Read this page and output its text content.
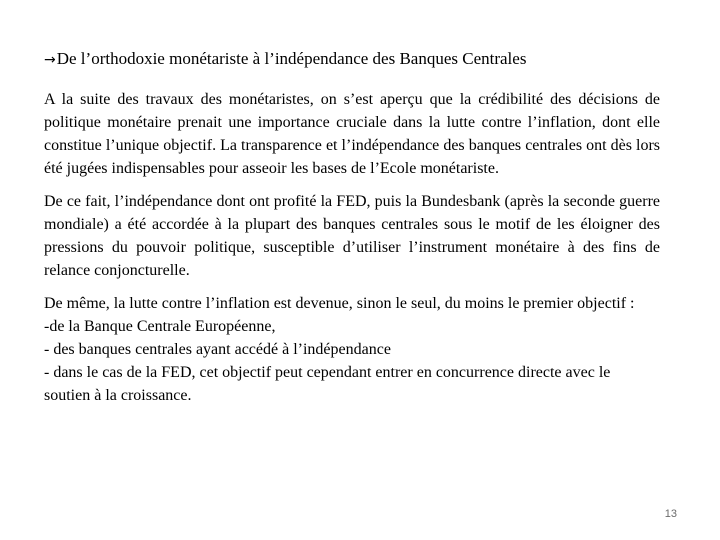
→De l’orthodoxie monétariste à l’indépendance des Banques Centrales

A la suite des travaux des monétaristes, on s’est aperçu que la crédibilité des décisions de politique monétaire prenait une importance cruciale dans la lutte contre l’inflation, dont elle constitue l’unique objectif. La transparence et l’indépendance des banques centrales ont dès lors été jugées indispensables pour asseoir les bases de l’Ecole monétariste.

De ce fait, l’indépendance dont ont profité la FED, puis la Bundesbank (après la seconde guerre mondiale) a été accordée à la plupart des banques centrales sous le motif de les éloigner des pressions du pouvoir politique, susceptible d’utiliser l’instrument monétaire à des fins de relance conjoncturelle.

De même, la lutte contre l’inflation est devenue, sinon le seul, du moins le premier objectif :
-de la Banque Centrale Européenne,
- des banques centrales ayant accédé à l’indépendance
- dans le cas de la FED, cet objectif peut cependant entrer en concurrence directe avec le soutien à la croissance.
13
